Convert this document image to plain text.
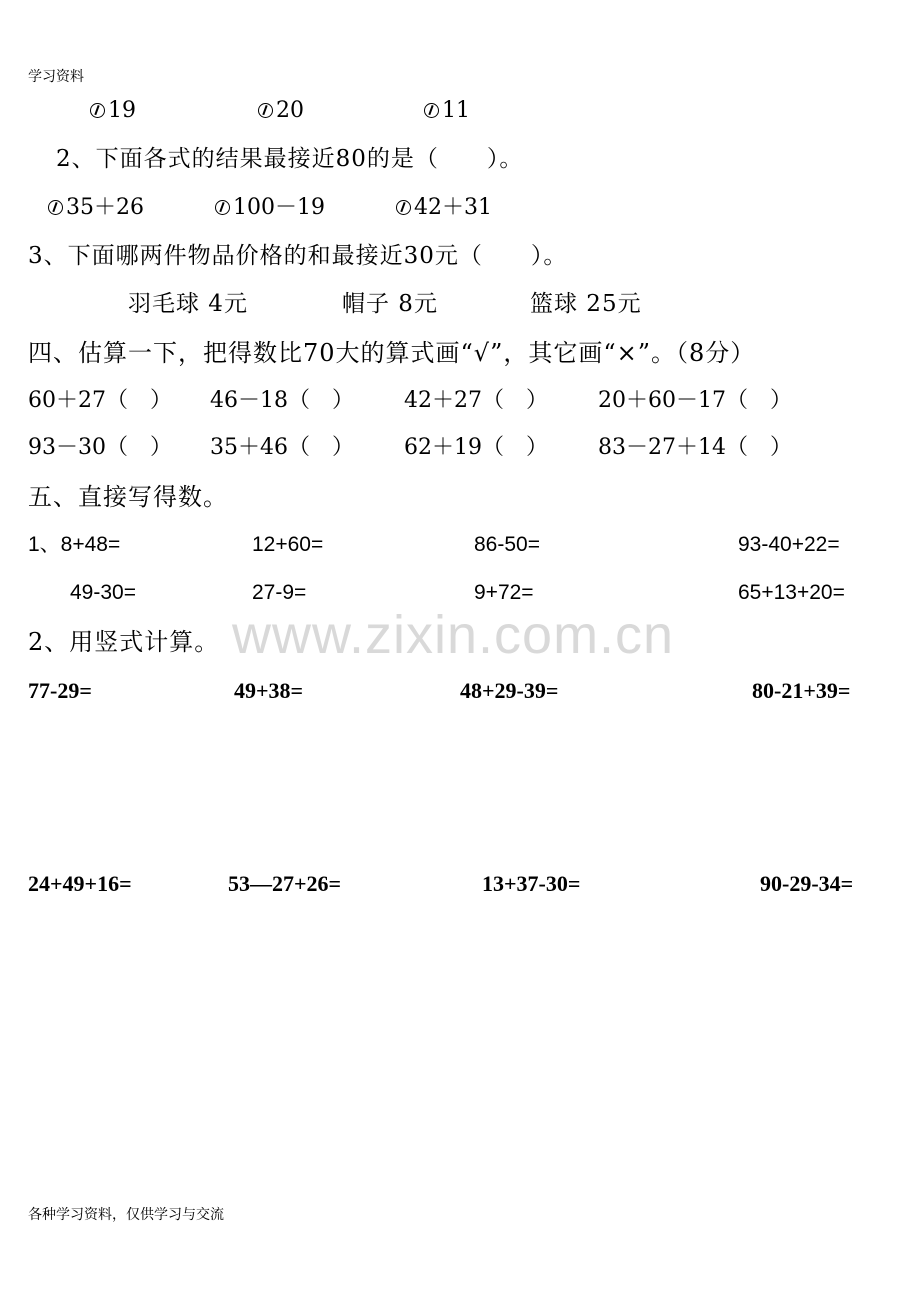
学习资料
19	20	11
2、下面各式的结果最接近80的是（　　）。
35＋26	100－19	42＋31
3、下面哪两件物品价格的和最接近30元（　　）。
羽毛球 4元	帽子 8元	篮球 25元
四、估算一下，把得数比70大的算式画“√”，其它画“×”。（8分）
60＋27（　） 46－18（　） 42＋27（　） 20＋60－17（　）
93－30（　） 35＋46（　） 62＋19（　） 83－27＋14（　）
五、直接写得数。
1、8+48=	12+60=	86-50=	93-40+22=
49-30=	27-9=	9+72=	65+13+20=
www.zixin.com.cn
2、用竖式计算。
77-29=	49+38=	48+29-39=	80-21+39=
24+49+16=	53—27+26=	13+37-30=	90-29-34=
各种学习资料，仅供学习与交流
